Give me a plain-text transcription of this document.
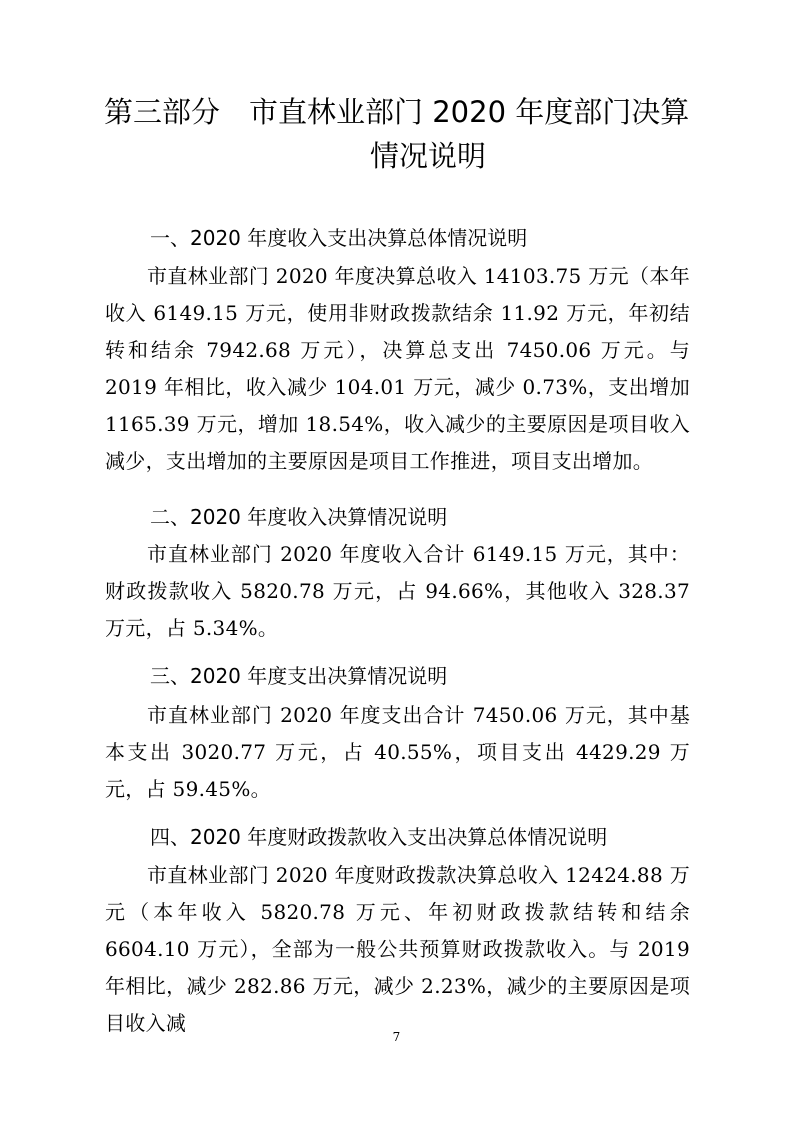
第三部分　市直林业部门 2020 年度部门决算
情况说明
一、2020 年度收入支出决算总体情况说明
市直林业部门 2020 年度决算总收入 14103.75 万元（本年收入 6149.15 万元，使用非财政拨款结余 11.92 万元，年初结转和结余 7942.68 万元），决算总支出 7450.06 万元。与 2019 年相比，收入减少 104.01 万元，减少 0.73%，支出增加 1165.39 万元，增加 18.54%，收入减少的主要原因是项目收入减少，支出增加的主要原因是项目工作推进，项目支出增加。
二、2020 年度收入决算情况说明
市直林业部门 2020 年度收入合计 6149.15 万元，其中：财政拨款收入 5820.78 万元，占 94.66%，其他收入 328.37 万元，占 5.34%。
三、2020 年度支出决算情况说明
市直林业部门 2020 年度支出合计 7450.06 万元，其中基本支出 3020.77 万元，占 40.55%，项目支出 4429.29 万元，占 59.45%。
四、2020 年度财政拨款收入支出决算总体情况说明
市直林业部门 2020 年度财政拨款决算总收入 12424.88 万元（本年收入 5820.78 万元、年初财政拨款结转和结余 6604.10 万元），全部为一般公共预算财政拨款收入。与 2019 年相比，减少 282.86 万元，减少 2.23%，减少的主要原因是项目收入减
7
